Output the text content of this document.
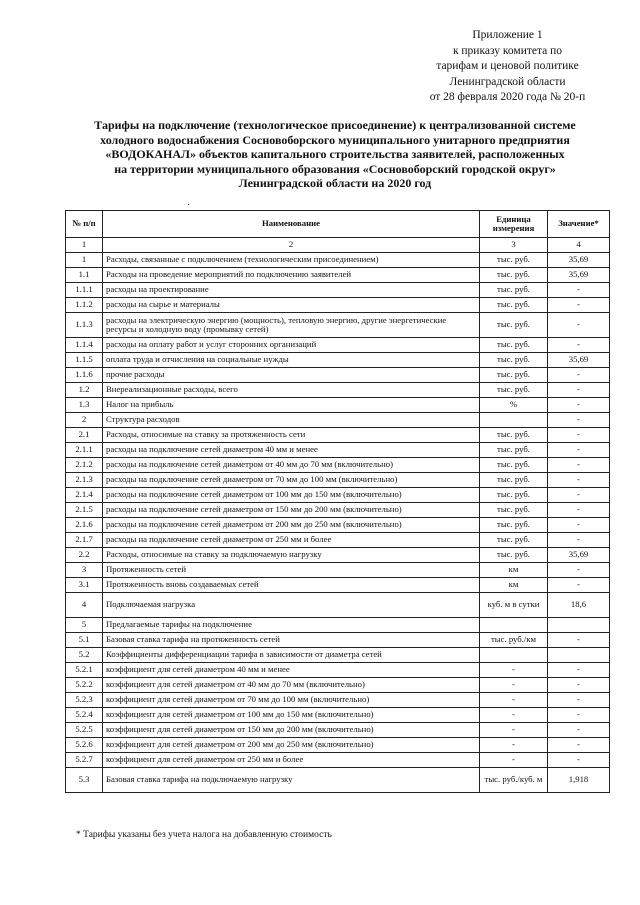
Приложение 1
к приказу комитета по
тарифам и ценовой политике
Ленинградской области
от 28 февраля 2020 года № 20-п
Тарифы на подключение (технологическое присоединение) к централизованной системе
холодного водоснабжения Сосновоборского муниципального унитарного предприятия
«ВОДОКАНАЛ» объектов капитального строительства заявителей, расположенных
на территории муниципального образования «Сосновоборский городской округ»
Ленинградской области на 2020 год
№ п/п	Наименование	Единица измерения	Значение*
1	2	3	4
1	Расходы, связанные с подключением (технологическим присоединением)	тыс. руб.	35,69
1.1	Расходы на проведение мероприятий по подключению заявителей	тыс. руб.	35,69
1.1.1	расходы на проектирование	тыс. руб.	-
1.1.2	расходы на сырье и материалы	тыс. руб.	-
1.1.3	расходы на электрическую энергию (мощность), тепловую энергию, другие энергетические ресурсы и холодную воду (промывку сетей)	тыс. руб.	-
1.1.4	расходы на оплату работ и услуг сторонних организаций	тыс. руб.	-
1.1.5	оплата труда и отчисления на социальные нужды	тыс. руб.	35,69
1.1.6	прочие расходы	тыс. руб.	-
1.2	Внереализационные расходы, всего	тыс. руб.	-
1.3	Налог на прибыль	%	-
2	Структура расходов		-
2.1	Расходы, относимые на ставку за протяженность сети	тыс. руб.	-
2.1.1	расходы на подключение сетей диаметром 40 мм и менее	тыс. руб.	-
2.1.2	расходы на подключение сетей диаметром от 40 мм до 70 мм (включительно)	тыс. руб.	-
2.1.3	расходы на подключение сетей диаметром от 70 мм до 100 мм (включительно)	тыс. руб.	-
2.1.4	расходы на подключение сетей диаметром от 100 мм до 150 мм (включительно)	тыс. руб.	-
2.1.5	расходы на подключение сетей диаметром от 150 мм до 200 мм (включительно)	тыс. руб.	-
2.1.6	расходы на подключение сетей диаметром от 200 мм до 250 мм (включительно)	тыс. руб.	-
2.1.7	расходы на подключение сетей диаметром от 250 мм и более	тыс. руб.	-
2.2	Расходы, относимые на ставку за подключаемую нагрузку	тыс. руб.	35,69
3	Протяженность сетей	км	-
3.1	Протяженность вновь создаваемых сетей	км	-
4	Подключаемая нагрузка	куб. м в сутки	18,6
5	Предлагаемые тарифы на подключение		
5.1	Базовая ставка тарифа на протяженность сетей	тыс. руб./км	-
5.2	Коэффициенты дифференциации тарифа в зависимости от диаметра сетей		
5.2.1	коэффициент для сетей диаметром 40 мм и менее	-	-
5.2.2	коэффициент для сетей диаметром от 40 мм до 70 мм (включительно)	-	-
5.2.3	коэффициент для сетей диаметром от 70 мм до 100 мм (включительно)	-	-
5.2.4	коэффициент для сетей диаметром от 100 мм до 150 мм (включительно)	-	-
5.2.5	коэффициент для сетей диаметром от 150 мм до 200 мм (включительно)	-	-
5.2.6	коэффициент для сетей диаметром от 200 мм до 250 мм (включительно)	-	-
5.2.7	коэффициент для сетей диаметром от 250 мм и более	-	-
5.3	Базовая ставка тарифа на подключаемую нагрузку	тыс. руб./куб. м	1,918
* Тарифы указаны без учета налога на добавленную стоимость
